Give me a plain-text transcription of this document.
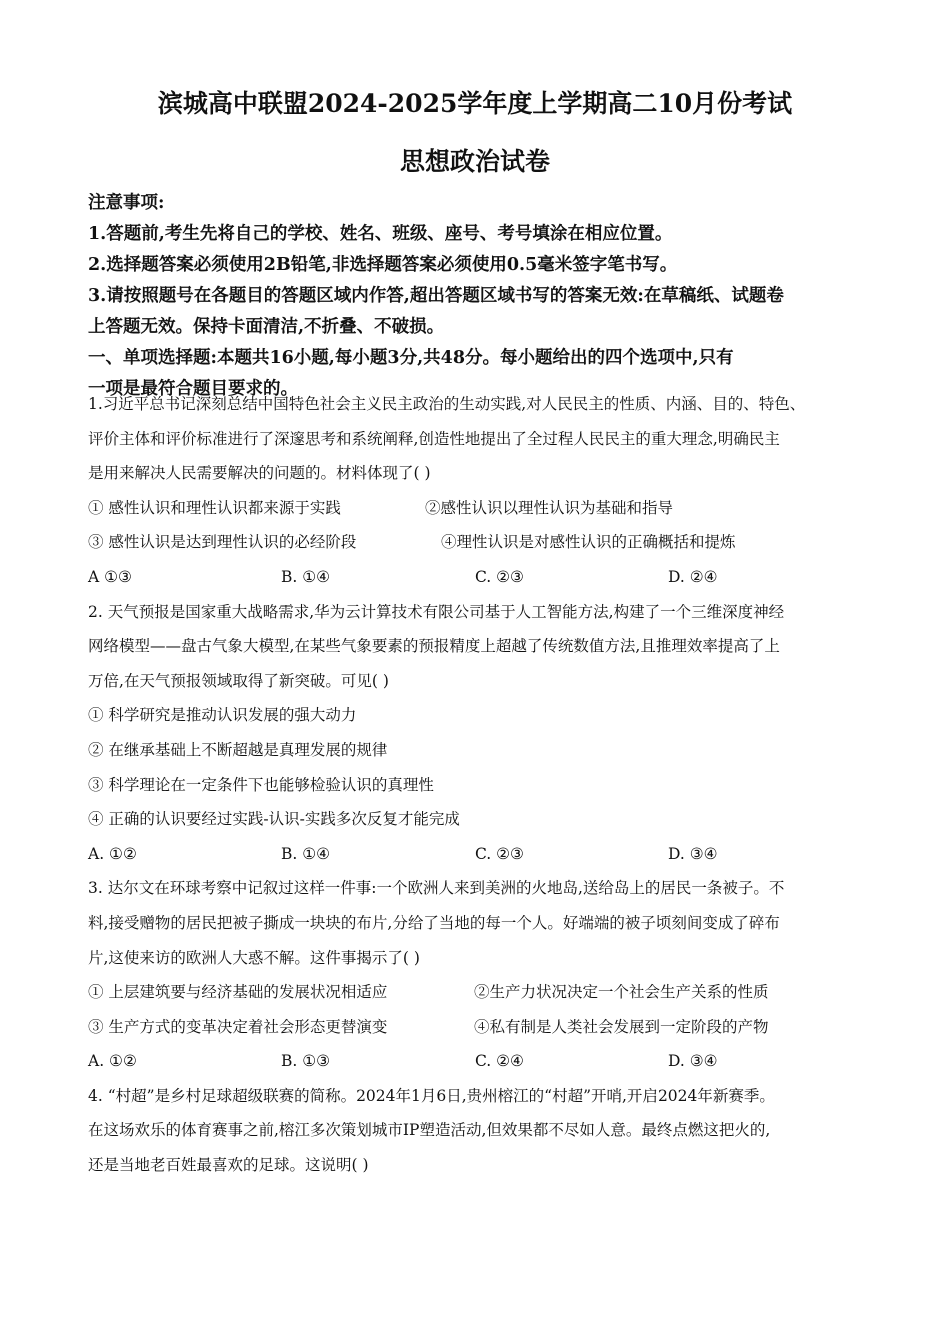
滨城高中联盟2024-2025学年度上学期高二10月份考试
思想政治试卷
注意事项:
1.答题前,考生先将自己的学校、姓名、班级、座号、考号填涂在相应位置。
2.选择题答案必须使用2B铅笔,非选择题答案必须使用0.5毫米签字笔书写。
3.请按照题号在各题目的答题区域内作答,超出答题区域书写的答案无效:在草稿纸、试题卷
上答题无效。保持卡面清洁,不折叠、不破损。
一、单项选择题:本题共16小题,每小题3分,共48分。每小题给出的四个选项中,只有
一项是最符合题目要求的。

1.习近平总书记深刻总结中国特色社会主义民主政治的生动实践,对人民民主的性质、内涵、目的、特色、

评价主体和评价标准进行了深邃思考和系统阐释,创造性地提出了全过程人民民主的重大理念,明确民主

是用来解决人民需要解决的问题的。材料体现了( )

① 感性认识和理性认识都来源于实践	②感性认识以理性认识为基础和指导
③ 感性认识是达到理性认识的必经阶段	④理性认识是对感性认识的正确概括和提炼
A ①③	B. ①④	C. ②③	D. ②④

2. 天气预报是国家重大战略需求,华为云计算技术有限公司基于人工智能方法,构建了一个三维深度神经

网络模型——盘古气象大模型,在某些气象要素的预报精度上超越了传统数值方法,且推理效率提高了上

万倍,在天气预报领域取得了新突破。可见( )

① 科学研究是推动认识发展的强大动力
② 在继承基础上不断超越是真理发展的规律
③ 科学理论在一定条件下也能够检验认识的真理性
④ 正确的认识要经过实践-认识-实践多次反复才能完成
A. ①②	B. ①④	C. ②③	D. ③④

3. 达尔文在环球考察中记叙过这样一件事:一个欧洲人来到美洲的火地岛,送给岛上的居民一条被子。不

料,接受赠物的居民把被子撕成一块块的布片,分给了当地的每一个人。好端端的被子顷刻间变成了碎布

片,这使来访的欧洲人大惑不解。这件事揭示了( )

① 上层建筑要与经济基础的发展状况相适应	②生产力状况决定一个社会生产关系的性质
③ 生产方式的变革决定着社会形态更替演变	④私有制是人类社会发展到一定阶段的产物
A. ①②	B. ①③	C. ②④	D. ③④

4. “村超”是乡村足球超级联赛的简称。2024年1月6日,贵州榕江的“村超”开哨,开启2024年新赛季。

在这场欢乐的体育赛事之前,榕江多次策划城市IP塑造活动,但效果都不尽如人意。最终点燃这把火的,

还是当地老百姓最喜欢的足球。这说明( )
